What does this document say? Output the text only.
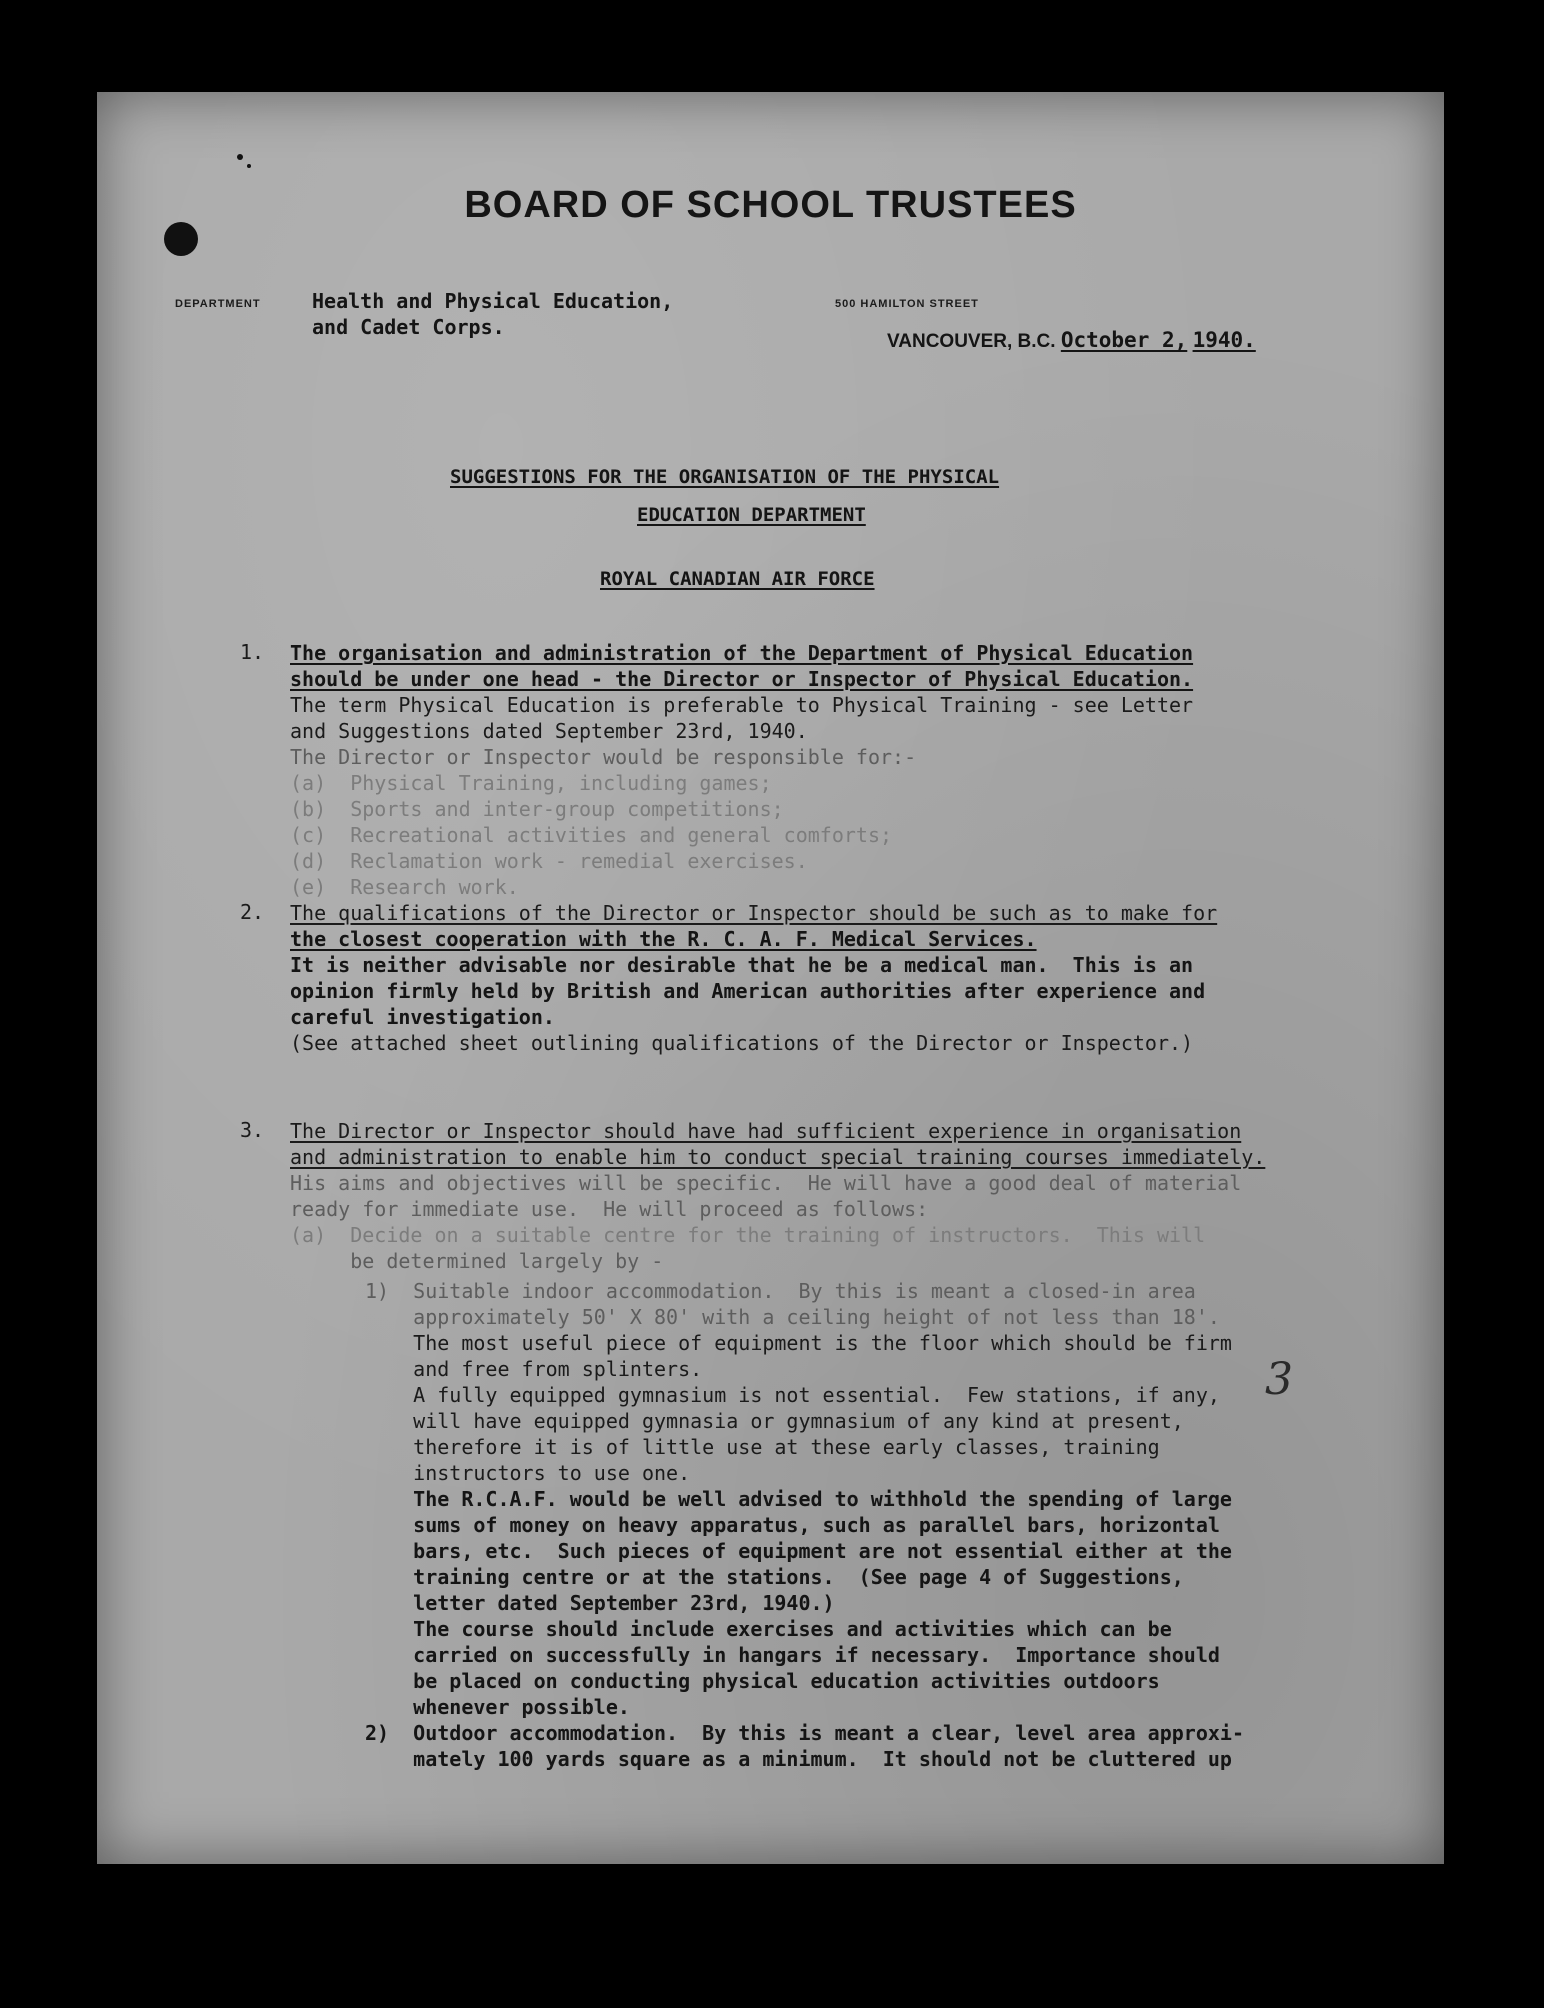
BOARD OF SCHOOL TRUSTEES
DEPARTMENT	Health and Physical Education,
and Cadet Corps.
500 HAMILTON STREET
VANCOUVER, B.C. October 2, 1940.
SUGGESTIONS FOR THE ORGANISATION OF THE PHYSICAL
EDUCATION DEPARTMENT
ROYAL CANADIAN AIR FORCE
1. The organisation and administration of the Department of Physical Education
should be under one head - the Director or Inspector of Physical Education.
The term Physical Education is preferable to Physical Training - see Letter
and Suggestions dated September 23rd, 1940.
The Director or Inspector would be responsible for:-
(a)  Physical Training, including games;
(b)  Sports and inter-group competitions;
(c)  Recreational activities and general comforts;
(d)  Reclamation work - remedial exercises.
(e)  Research work.
2. The qualifications of the Director or Inspector should be such as to make for
the closest cooperation with the R. C. A. F. Medical Services.
It is neither advisable nor desirable that he be a medical man.  This is an
opinion firmly held by British and American authorities after experience and
careful investigation.
(See attached sheet outlining qualifications of the Director or Inspector.)
3. The Director or Inspector should have had sufficient experience in organisation
and administration to enable him to conduct special training courses immediately.
His aims and objectives will be specific.  He will have a good deal of material
ready for immediate use.  He will proceed as follows:
(a)  Decide on a suitable centre for the training of instructors.  This will
be determined largely by -
1)  Suitable indoor accommodation.  By this is meant a closed-in area
approximately 50' X 80' with a ceiling height of not less than 18'.
The most useful piece of equipment is the floor which should be firm
and free from splinters.
A fully equipped gymnasium is not essential.  Few stations, if any,
will have equipped gymnasia or gymnasium of any kind at present,
therefore it is of little use at these early classes, training
instructors to use one.
The R.C.A.F. would be well advised to withhold the spending of large
sums of money on heavy apparatus, such as parallel bars, horizontal
bars, etc.  Such pieces of equipment are not essential either at the
training centre or at the stations.  (See page 4 of Suggestions,
letter dated September 23rd, 1940.)
The course should include exercises and activities which can be
carried on successfully in hangars if necessary.  Importance should
be placed on conducting physical education activities outdoors
whenever possible.
2)  Outdoor accommodation.  By this is meant a clear, level area approxi-
mately 100 yards square as a minimum.  It should not be cluttered up
3
